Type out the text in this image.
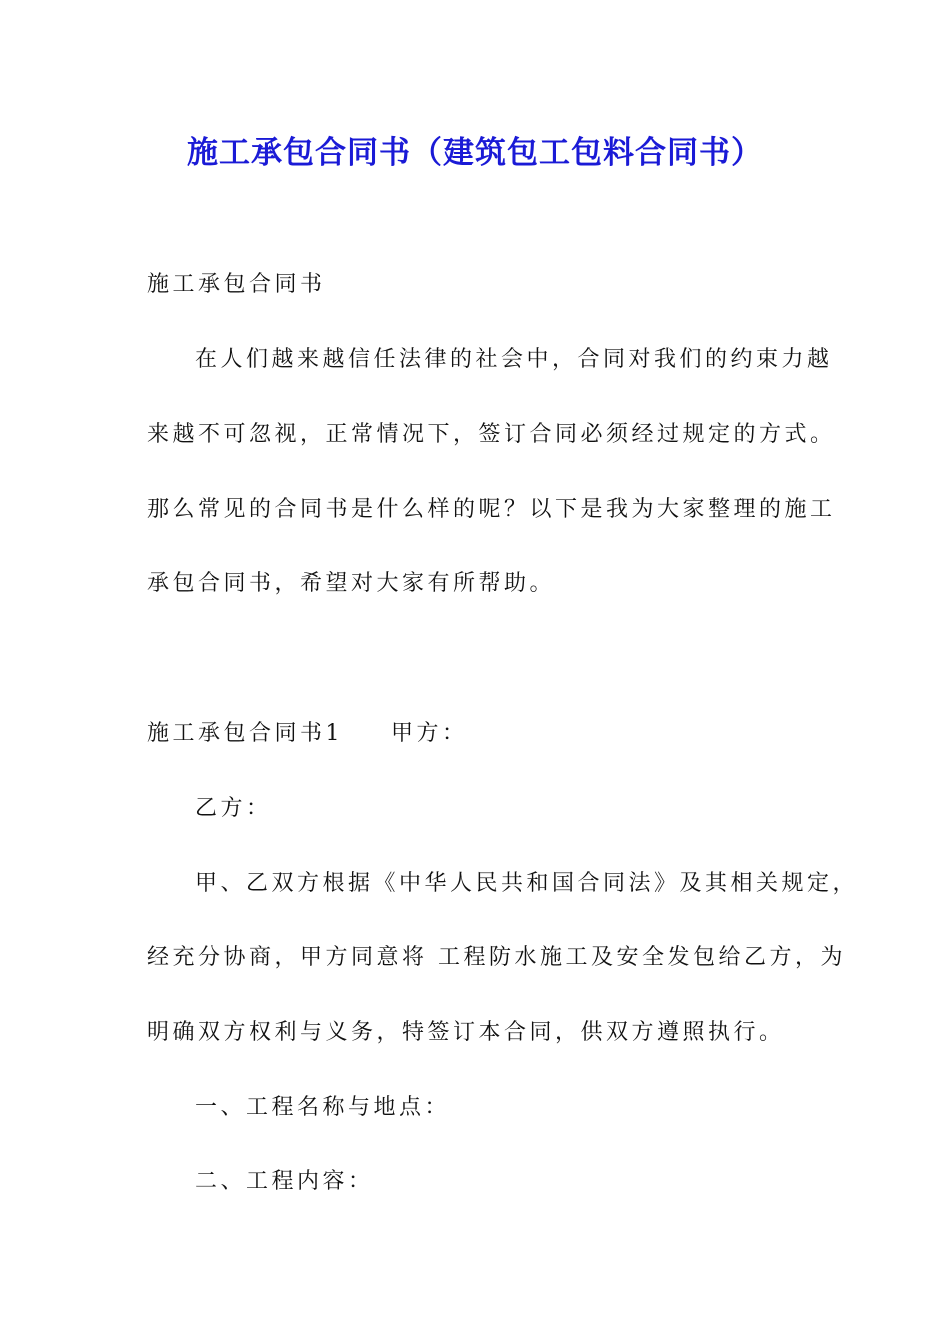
施工承包合同书（建筑包工包料合同书）
施工承包合同书
在人们越来越信任法律的社会中，合同对我们的约束力越
来越不可忽视，正常情况下，签订合同必须经过规定的方式。
那么常见的合同书是什么样的呢？以下是我为大家整理的施工
承包合同书，希望对大家有所帮助。
施工承包合同书1 甲方：
乙方：
甲、乙双方根据《中华人民共和国合同法》及其相关规定，
经充分协商，甲方同意将 工程防水施工及安全发包给乙方，为
明确双方权利与义务，特签订本合同，供双方遵照执行。
一、工程名称与地点：
二、工程内容：
